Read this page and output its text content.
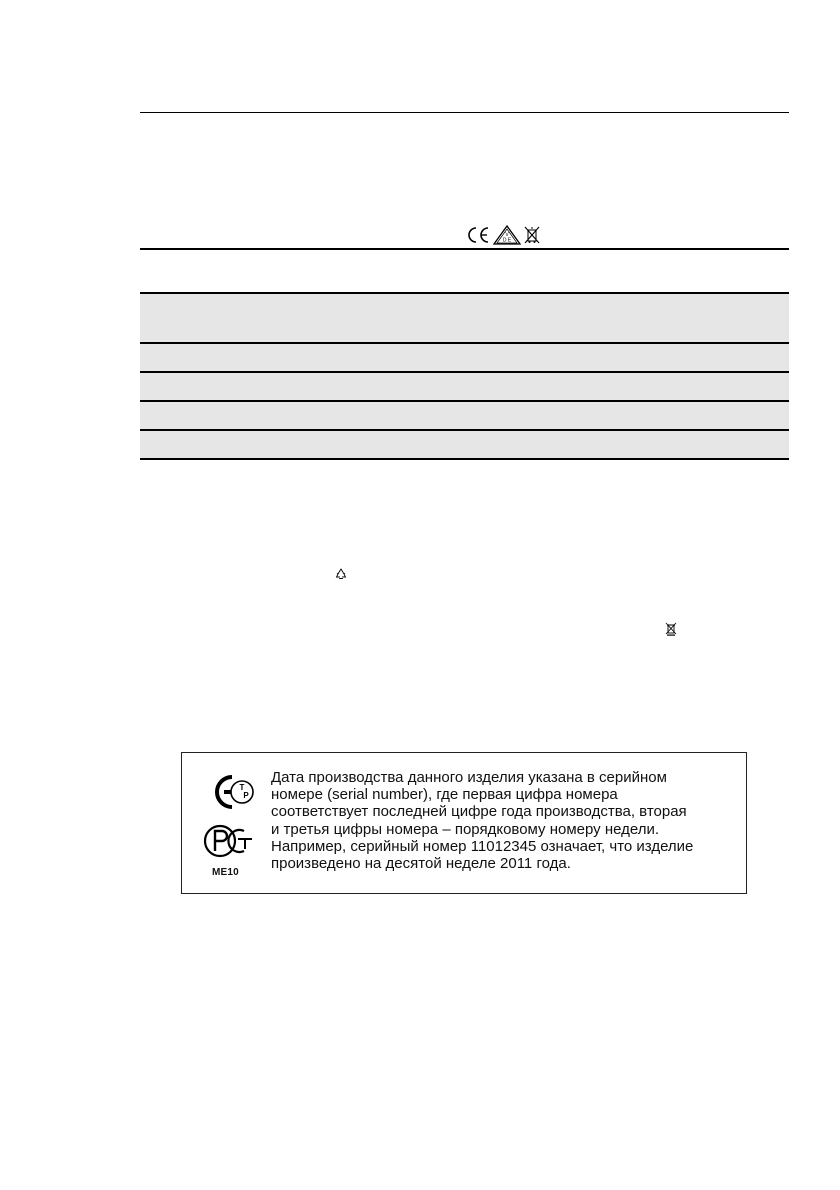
V
D E
T
P
ME10
Дата производства данного изделия указана в серийном
номере (serial number), где первая цифра номера
соответствует последней цифре года производства, вторая
и третья цифры номера – порядковому номеру недели.
Например, серийный номер 11012345 означает, что изделие
произведено на десятой неделе 2011 года.
